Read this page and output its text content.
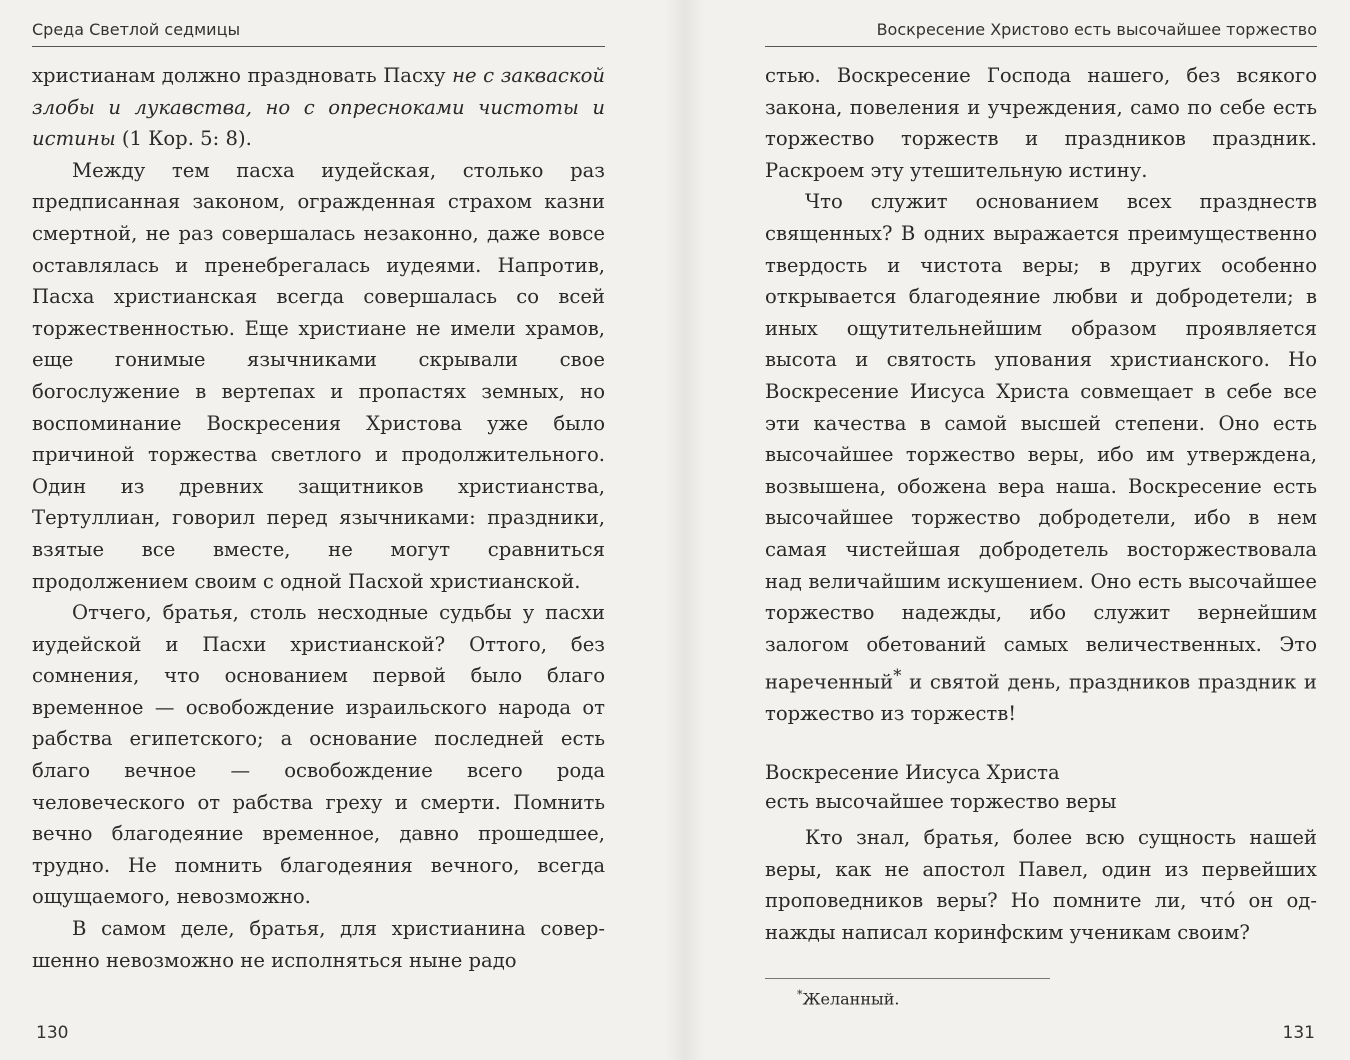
Среда Светлой седмицы

христианам должно праздновать Пасху не с закваской злобы и лукавства, но с опресноками чистоты и истины (1 Кор. 5: 8).

Между тем пасха иудейская, столько раз предписанная законом, огражденная страхом казни смертной, не раз совершалась незаконно, даже вовсе оставлялась и пренебрегалась иудеями. Напротив, Пасха христианская всегда совершалась со всей торжественностью. Еще христиане не имели храмов, еще гонимые язычниками скрывали свое богослужение в вертепах и пропастях земных, но воспоминание Воскресения Христова уже было причиной торжества светлого и продолжительного. Один из древних защитников христианства, Тертуллиан, говорил перед язычниками: праздники, взятые все вместе, не могут сравниться продолжением своим с одной Пасхой христианской.

Отчего, братья, столь несходные судьбы у пасхи иудейской и Пасхи христианской? Оттого, без сомнения, что основанием первой было благо временное — освобождение израильского народа от рабства египетского; а основание последней есть благо вечное — освобождение всего рода человеческого от рабства греху и смерти. Помнить вечно благодеяние временное, давно прошедшее, трудно. Не помнить благодеяния вечного, всегда ощущаемого, невозможно.

В самом деле, братья, для христианина совершенно невозможно не исполняться ныне радо

130
Воскресение Христово есть высочайшее торжество

стью. Воскресение Господа нашего, без всякого закона, повеления и учреждения, само по себе есть торжество торжеств и праздников праздник. Раскроем эту утешительную истину.

Что служит основанием всех празднеств священных? В одних выражается преимущественно твердость и чистота веры; в других особенно открывается благодеяние любви и добродетели; в иных ощутительнейшим образом проявляется высота и святость упования христианского. Но Воскресение Иисуса Христа совмещает в себе все эти качества в самой высшей степени. Оно есть высочайшее торжество веры, ибо им утверждена, возвышена, обожена вера наша. Воскресение есть высочайшее торжество добродетели, ибо в нем самая чистейшая добродетель восторжествовала над величайшим искушением. Оно есть высочайшее торжество надежды, ибо служит вернейшим залогом обетований самых величественных. Это нареченный* и святой день, праздников праздник и торжество из торжеств!

Воскресение Иисуса Христа
есть высочайшее торжество веры

Кто знал, братья, более всю сущность нашей веры, как не апостол Павел, один из первейших проповедников веры? Но помните ли, что́ он однажды написал коринфским ученикам своим?

*Желанный.
131
